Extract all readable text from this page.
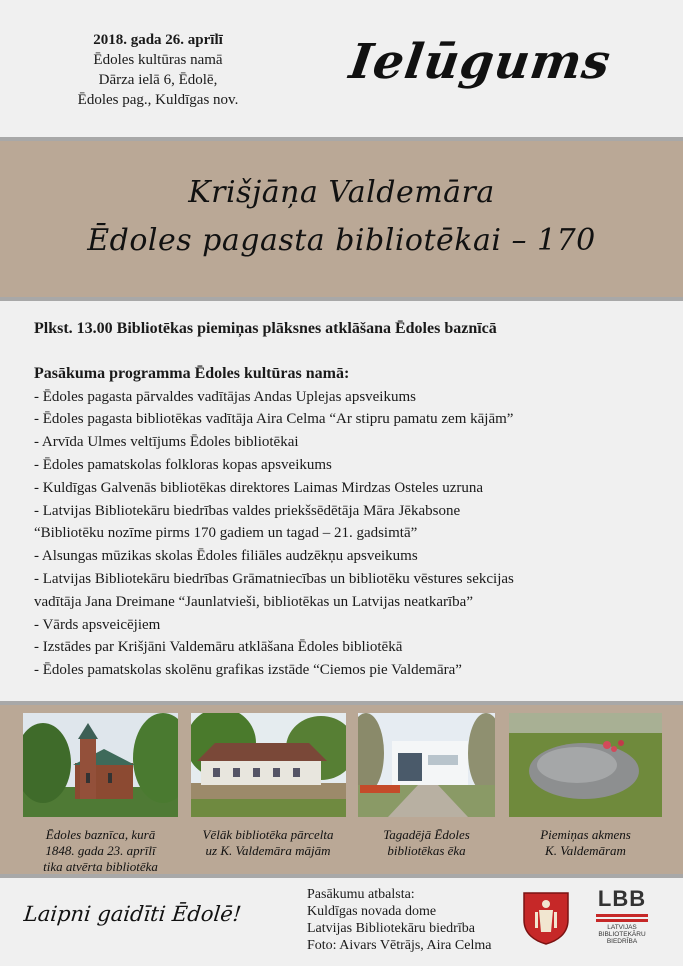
2018. gada 26. aprīlī
Ēdoles kultūras namā
Dārza ielā 6, Ēdolē,
Ēdoles pag., Kuldīgas nov.
Ielūgums
Krišjāņa Valdemāra
Ēdoles pagasta bibliotēkai – 170
Plkst. 13.00 Bibliotēkas piemiņas plāksnes atklāšana Ēdoles baznīcā
Pasākuma programma Ēdoles kultūras namā:
- Ēdoles pagasta pārvaldes vadītājas Andas Uplejas apsveikums
- Ēdoles pagasta bibliotēkas vadītāja Aira Celma “Ar stipru pamatu zem kājām”
- Arvīda Ulmes veltījums Ēdoles bibliotēkai
- Ēdoles pamatskolas folkloras kopas apsveikums
- Kuldīgas Galvenās bibliotēkas direktores Laimas Mirdzas Osteles uzruna
- Latvijas Bibliotekāru biedrības valdes priekšsēdētāja Māra Jēkabsone
“Bibliotēku nozīme pirms 170 gadiem un tagad – 21. gadsimtā”
- Alsungas mūzikas skolas Ēdoles filiāles audzēkņu apsveikums
- Latvijas Bibliotekāru biedrības Grāmatniecības un bibliotēku vēstures sekcijas
vadītāja Jana Dreimane “Jaunlatvieši, bibliotēkas un Latvijas neatkarība”
- Vārds apsveicējiem
- Izstādes par Krišjāni Valdemāru atklāšana Ēdoles bibliotēkā
- Ēdoles pamatskolas skolēnu grafikas izstāde “Ciemos pie Valdemāra”
Ēdoles baznīca, kurā
1848. gada 23. aprīlī
tika atvērta bibliotēka
Vēlāk bibliotēka pārcelta
uz K. Valdemāra mājām
Tagadējā Ēdoles
bibliotēkas ēka
Piemiņas akmens
K. Valdemāram
Laipni gaidīti Ēdolē!
Pasākumu atbalsta:
Kuldīgas novada dome
Latvijas Bibliotekāru biedrība
Foto: Aivars Vētrājs, Aira Celma
LBB
LATVIJAS
BIBLIOTEKĀRU
BIEDRĪBA
